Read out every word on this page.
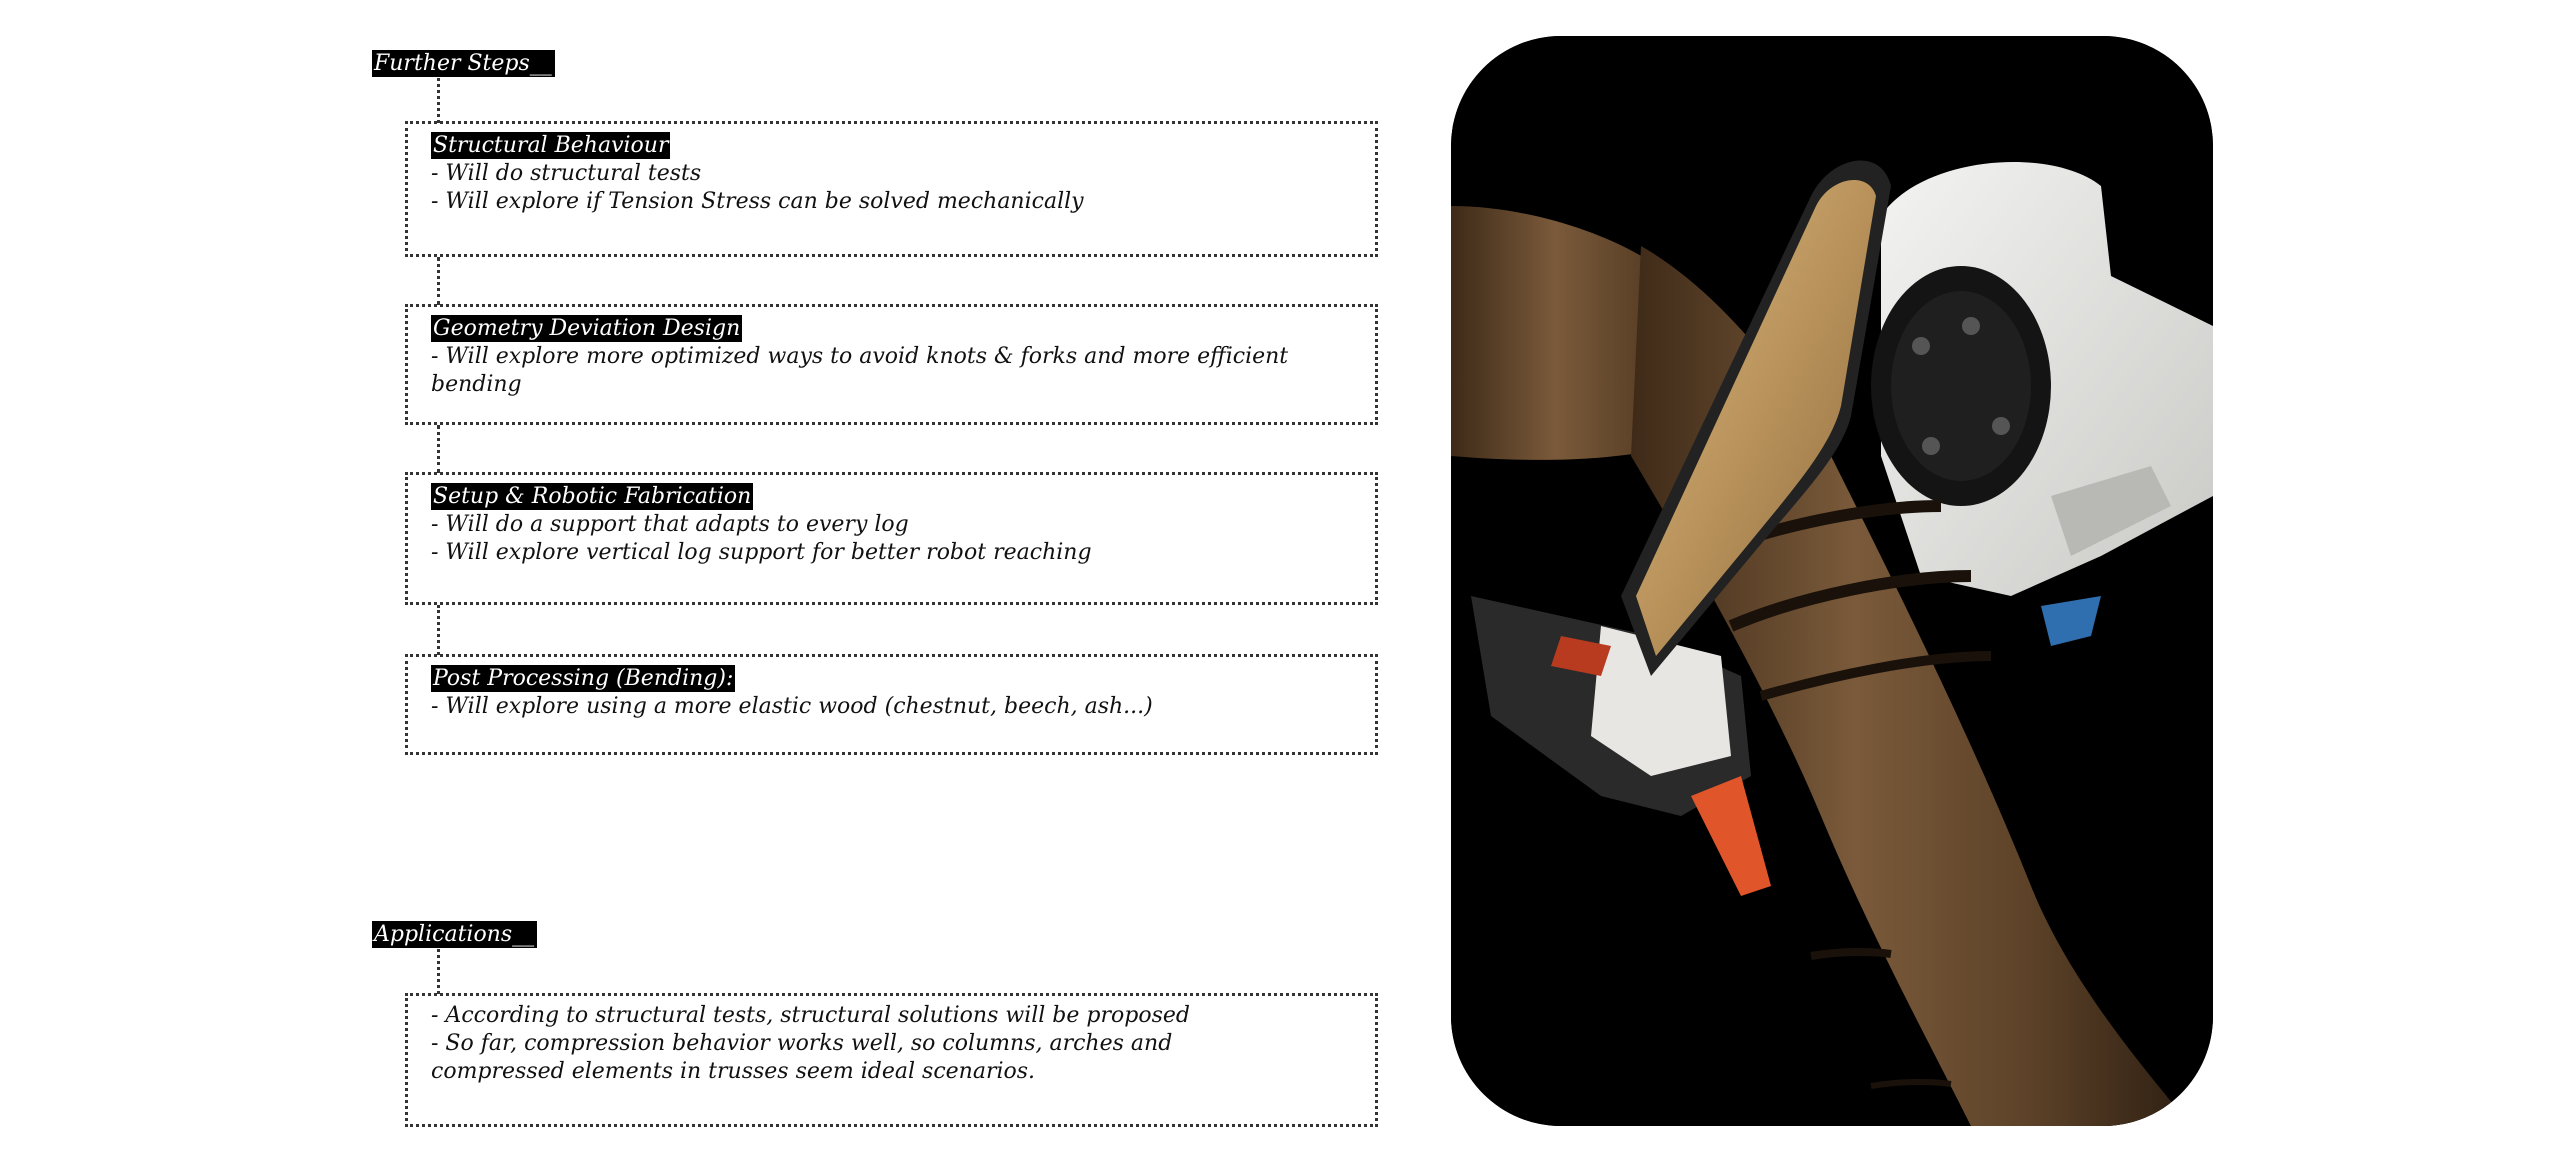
Further Steps__
Structural Behaviour
- Will do structural tests
- Will explore if Tension Stress can be solved mechanically
Geometry Deviation Design
- Will explore more optimized ways to avoid knots & forks and more efficient bending
Setup & Robotic Fabrication
- Will do a support that adapts to every log
- Will explore vertical log support for better robot reaching
Post Processing (Bending):
- Will explore using a more elastic wood (chestnut, beech, ash...)
Applications__
- According to structural tests, structural solutions will be proposed
- So far, compression behavior works well, so columns, arches and compressed elements in trusses seem ideal scenarios.
